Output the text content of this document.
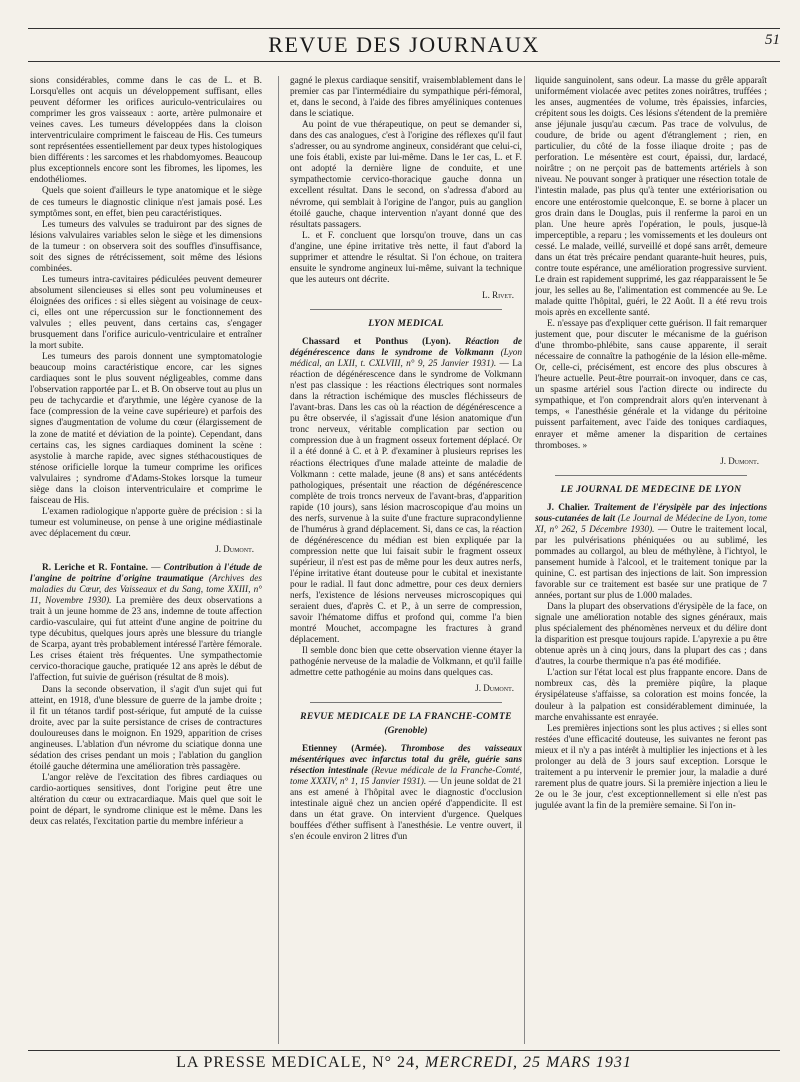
REVUE DES JOURNAUX	51

sions considérables, comme dans le cas de L. et B. Lorsqu'elles ont acquis un développement suffisant, elles peuvent déformer les orifices auriculo-ventriculaires ou comprimer les gros vaisseaux : aorte, artère pulmonaire et veines caves. Les tumeurs développées dans la cloison interventriculaire compriment le faisceau de His. Ces tumeurs sont représentées essentiellement par deux types histologiques bien différents : les sarcomes et les rhabdomyomes. Beaucoup plus exceptionnels encore sont les fibromes, les lipomes, les endothéliomes.

Quels que soient d'ailleurs le type anatomique et le siège de ces tumeurs le diagnostic clinique n'est jamais posé. Les symptômes sont, en effet, bien peu caractéristiques.

Les tumeurs des valvules se traduiront par des signes de lésions valvulaires variables selon le siège et les dimensions de la tumeur : on observera soit des souffles d'insuffisance, soit des signes de rétrécissement, soit même des lésions combinées.

Les tumeurs intra-cavitaires pédiculées peuvent demeurer absolument silencieuses si elles sont peu volumineuses et éloignées des orifices : si elles siègent au voisinage de ceux-ci, elles ont une répercussion sur le fonctionnement des valvules ; elles peuvent, dans certains cas, s'engager brusquement dans l'orifice auriculo-ventriculaire et entraîner la mort subite.

Les tumeurs des parois donnent une symptomatologie beaucoup moins caractéristique encore, car les signes cardiaques sont le plus souvent négligeables, comme dans l'observation rapportée par L. et B. On observe tout au plus un peu de tachycardie et d'arythmie, une légère cyanose de la face (compression de la veine cave supérieure) et parfois des signes d'augmentation de volume du cœur (élargissement de la zone de matité et déviation de la pointe). Cependant, dans certains cas, les signes cardiaques dominent la scène : asystolie à marche rapide, avec signes stéthacoustiques de sténose orificielle lorque la tumeur comprime les orifices valvulaires ; syndrome d'Adams-Stokes lorsque la tumeur siège dans la cloison interventriculaire et comprime le faisceau de His.

L'examen radiologique n'apporte guère de précision : si la tumeur est volumineuse, on pense à une origine médiastinale avec déplacement du cœur.

J. Dumont.

R. Leriche et R. Fontaine. — Contribution à l'étude de l'angine de poitrine d'origine traumatique (Archives des maladies du Cœur, des Vaisseaux et du Sang, tome XXIII, n° 11, Novembre 1930). La première des deux observations a trait à un jeune homme de 23 ans, indemne de toute affection cardio-vasculaire, qui fut atteint d'une angine de poitrine du type décubitus, quelques jours après une blessure du triangle de Scarpa, ayant très probablement intéressé l'artère fémorale. Les crises étaient très fréquentes. Une sympathectomie cervico-thoracique gauche, pratiquée 12 ans après le début de l'affection, fut suivie de guérison (résultat de 8 mois).

Dans la seconde observation, il s'agit d'un sujet qui fut atteint, en 1918, d'une blessure de guerre de la jambe droite ; il fit un tétanos tardif post-sérique, fut amputé de la cuisse droite, avec par la suite persistance de crises de contractures douloureuses dans le moignon. En 1929, apparition de crises angineuses. L'ablation d'un névrome du sciatique donna une sédation des crises pendant un mois ; l'ablation du ganglion étoilé gauche détermina une amélioration très passagère.

L'angor relève de l'excitation des fibres cardiaques ou cardio-aortiques sensitives, dont l'origine peut être une altération du cœur ou extracardiaque. Mais quel que soit le point de départ, le syndrome clinique est le même. Dans les deux cas relatés, l'excitation partie du membre inférieur a

gagné le plexus cardiaque sensitif, vraisemblablement dans le premier cas par l'intermédiaire du sympathique péri-fémoral, et, dans le second, à l'aide des fibres amyéliniques contenues dans le sciatique.

Au point de vue thérapeutique, on peut se demander si, dans des cas analogues, c'est à l'origine des réflexes qu'il faut s'adresser, ou au syndrome angineux, considérant que celui-ci, une fois établi, existe par lui-même. Dans le 1er cas, L. et F. ont adopté la dernière ligne de conduite, et une sympathectomie cervico-thoracique gauche donna un excellent résultat. Dans le second, on s'adressa d'abord au névrome, qui semblait à l'origine de l'angor, puis au ganglion étoilé gauche, chaque intervention n'ayant donné que des résultats passagers.

L. et F. concluent que lorsqu'on trouve, dans un cas d'angine, une épine irritative très nette, il faut d'abord la supprimer et attendre le résultat. Si l'on échoue, on traitera ensuite le syndrome angineux lui-même, suivant la technique que les auteurs ont décrite.

L. Rivet.
LYON MEDICAL

Chassard et Ponthus (Lyon). Réaction de dégénérescence dans le syndrome de Volkmann (Lyon médical, an LXII, t. CXLVIII, n° 9, 25 Janvier 1931). — La réaction de dégénérescence dans le syndrome de Volkmann n'est pas classique : les réactions électriques sont normales dans la rétraction ischémique des muscles fléchisseurs de l'avant-bras. Dans les cas où la réaction de dégénérescence a pu être observée, il s'agissait d'une lésion anatomique d'un tronc nerveux, véritable complication par section ou compression due à un fragment osseux fortement déplacé. Or il a été donné à C. et à P. d'examiner à plusieurs reprises les réactions électriques d'une malade atteinte de maladie de Volkmann : cette malade, jeune (8 ans) et sans antécédents pathologiques, présentait une réaction de dégénérescence complète de trois troncs nerveux de l'avant-bras, d'apparition rapide (10 jours), sans lésion macroscopique d'au moins un des nerfs, survenue à la suite d'une fracture supracondylienne de l'humérus à grand déplacement. Si, dans ce cas, la réaction de dégénérescence du médian est bien expliquée par la compression nette que lui faisait subir le fragment osseux supérieur, il n'est est pas de même pour les deux autres nerfs, l'épine irritative étant douteuse pour le cubital et inexistante pour le radial. Il faut donc admettre, pour ces deux derniers nerfs, l'existence de lésions nerveuses microscopiques qui seraient dues, d'après C. et P., à un serre de compression, savoir l'hématome diffus et profond qui, comme l'a bien montré Mouchet, accompagne les fractures à grand déplacement.

Il semble donc bien que cette observation vienne étayer la pathogénie nerveuse de la maladie de Volkmann, et qu'il faille admettre cette pathogénie au moins dans quelques cas.

J. Dumont.
REVUE MEDICALE DE LA FRANCHE-COMTE
(Grenoble)

Etienney (Armée). Thrombose des vaisseaux mésentériques avec infarctus total du grêle, guérie sans résection intestinale (Revue médicale de la Franche-Comté, tome XXXIV, n° 1, 15 Janvier 1931). — Un jeune soldat de 21 ans est amené à l'hôpital avec le diagnostic d'occlusion intestinale aiguë chez un ancien opéré d'appendicite. Il est dans un état grave. On intervient d'urgence. Quelques bouffées d'éther suffisent à l'anesthésie. Le ventre ouvert, il s'en écoule environ 2 litres d'un

liquide sanguinolent, sans odeur. La masse du grêle apparaît uniformément violacée avec petites zones noirâtres, truffées ; les anses, augmentées de volume, très épaissies, infarcies, crépitent sous les doigts. Ces lésions s'étendent de la première anse jéjunale jusqu'au cæcum. Pas trace de volvulus, de coudure, de bride ou agent d'étranglement ; rien, en particulier, du côté de la fosse iliaque droite ; pas de perforation. Le mésentère est court, épaissi, dur, lardacé, noirâtre ; on ne perçoit pas de battements artériels à son niveau. Ne pouvant songer à pratiquer une résection totale de l'intestin malade, pas plus qu'à tenter une extériorisation ou encore une entérostomie quelconque, E. se borne à placer un gros drain dans le Douglas, puis il renferme la paroi en un plan. Une heure après l'opération, le pouls, jusque-là imperceptible, a reparu ; les vomissements et les douleurs ont cessé. Le malade, veillé, surveillé et dopé sans arrêt, demeure dans un état très précaire pendant quarante-huit heures, puis, contre toute espérance, une amélioration progressive survient. Le drain est rapidement supprimé, les gaz réapparaissent le 5e jour, les selles au 8e, l'alimentation est commencée au 9e. Le malade quitte l'hôpital, guéri, le 22 Août. Il a été revu trois mois après en excellente santé.

E. n'essaye pas d'expliquer cette guérison. Il fait remarquer justement que, pour discuter le mécanisme de la guérison d'une thrombo-phlébite, sans cause apparente, il serait nécessaire de connaître la pathogénie de la lésion elle-même. Or, celle-ci, précisément, est encore des plus obscures à l'heure actuelle. Peut-être pourrait-on invoquer, dans ce cas, un spasme artériel sous l'action directe ou indirecte du sympathique, et l'on comprendrait alors qu'en intervenant à temps, « l'anesthésie générale et la vidange du péritoine puissent parfaitement, avec l'aide des toniques cardiaques, enrayer et même amener la disparition de certaines thromboses. »

J. Dumont.
LE JOURNAL DE MEDECINE DE LYON

J. Chalier. Traitement de l'érysipèle par des injections sous-cutanées de lait (Le Journal de Médecine de Lyon, tome XI, n° 262, 5 Décembre 1930). — Outre le traitement local, par les pulvérisations phéniquées ou au sublimé, les pommades au collargol, au bleu de méthylène, à l'ichtyol, le pansement humide à l'alcool, et le traitement tonique par la quinine, C. est partisan des injections de lait. Son impression favorable sur ce traitement est basée sur une pratique de 7 années, portant sur plus de 1.000 malades.

Dans la plupart des observations d'érysipèle de la face, on signale une amélioration notable des signes généraux, mais plus spécialement des phénomènes nerveux et du délire dont la disparition est presque toujours rapide. L'apyrexie a pu être obtenue après un à cinq jours, dans la plupart des cas ; dans d'autres, la courbe thermique n'a pas été modifiée.

L'action sur l'état local est plus frappante encore. Dans de nombreux cas, dès la première piqûre, la plaque érysipélateuse s'affaisse, sa coloration est moins foncée, la douleur à la palpation est considérablement diminuée, la marche envahissante est enrayée.

Les premières injections sont les plus actives ; si elles sont restées d'une efficacité douteuse, les suivantes ne feront pas mieux et il n'y a pas intérêt à multiplier les injections et à les prolonger au delà de 3 jours sauf exception. Lorsque le traitement a pu intervenir le premier jour, la maladie a duré rarement plus de quatre jours. Si la première injection a lieu le 2e ou le 3e jour, c'est exceptionnellement si elle n'est pas jugulée avant la fin de la première semaine. Si l'on in-

LA PRESSE MEDICALE, N° 24, MERCREDI, 25 MARS 1931
